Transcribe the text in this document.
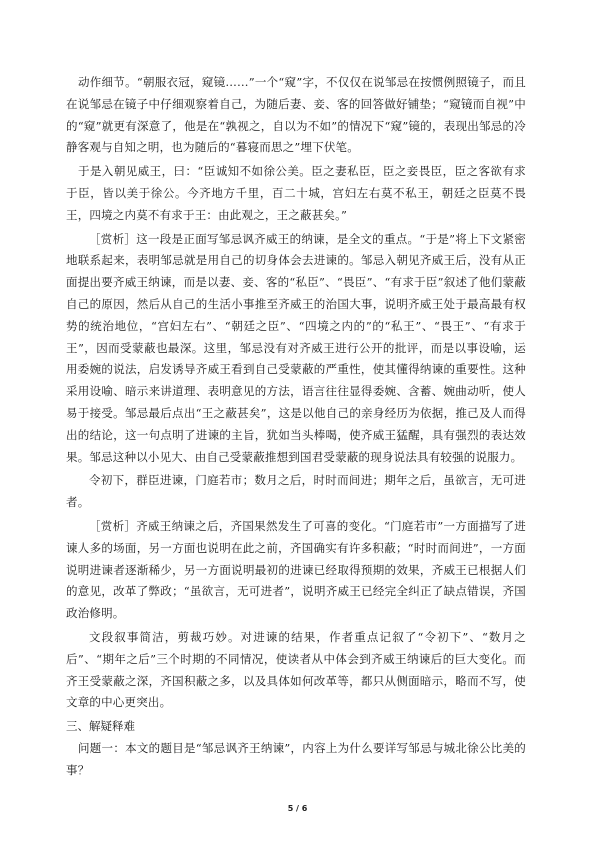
动作细节。“朝服衣冠，窥镜……”一个“窥”字，不仅仅在说邹忌在按惯例照镜子，而且在说邹忌在镜子中仔细观察着自己，为随后妻、妾、客的回答做好铺垫；“窥镜而自视”中的“窥”就更有深意了，他是在“孰视之，自以为不如”的情况下“窥”镜的，表现出邹忌的冷静客观与自知之明，也为随后的“暮寝而思之”埋下伏笔。

于是入朝见威王，曰：“臣诚知不如徐公美。臣之妻私臣，臣之妾畏臣，臣之客欲有求于臣，皆以美于徐公。今齐地方千里，百二十城，宫妇左右莫不私王，朝廷之臣莫不畏王，四境之内莫不有求于王：由此观之，王之蔽甚矣。”

［赏析］这一段是正面写邹忌讽齐威王的纳谏，是全文的重点。“于是”将上下文紧密地联系起来，表明邹忌就是用自己的切身体会去进谏的。邹忌入朝见齐威王后，没有从正面提出要齐威王纳谏，而是以妻、妾、客的“私臣”、“畏臣”、“有求于臣”叙述了他们蒙蔽自己的原因，然后从自己的生活小事推至齐威王的治国大事，说明齐威王处于最高最有权势的统治地位，“宫妇左右”、“朝廷之臣”、“四境之内的”的“私王”、“畏王”、“有求于王”，因而受蒙蔽也最深。这里，邹忌没有对齐威王进行公开的批评，而是以事设喻，运用委婉的说法，启发诱导齐威王看到自己受蒙蔽的严重性，使其懂得纳谏的重要性。这种采用设喻、暗示来讲道理、表明意见的方法，语言往往显得委婉、含蓄、婉曲动听，使人易于接受。邹忌最后点出“王之蔽甚矣”，这是以他自己的亲身经历为依据，推己及人而得出的结论，这一句点明了进谏的主旨，犹如当头棒喝，使齐威王猛醒，具有强烈的表达效果。邹忌这种以小见大、由自己受蒙蔽推想到国君受蒙蔽的现身说法具有较强的说服力。

令初下，群臣进谏，门庭若市；数月之后，时时而间进；期年之后，虽欲言，无可进者。

［赏析］齐威王纳谏之后，齐国果然发生了可喜的变化。“门庭若市”一方面描写了进谏人多的场面，另一方面也说明在此之前，齐国确实有许多积蔽；“时时而间进”，一方面说明进谏者逐渐稀少，另一方面说明最初的进谏已经取得预期的效果，齐威王已根据人们的意见，改革了弊政；“虽欲言，无可进者”，说明齐威王已经完全纠正了缺点错误，齐国政治修明。

文段叙事简洁，剪裁巧妙。对进谏的结果，作者重点记叙了“令初下”、“数月之后”、“期年之后”三个时期的不同情况，使读者从中体会到齐威王纳谏后的巨大变化。而齐王受蒙蔽之深，齐国积蔽之多，以及具体如何改革等，都只从侧面暗示，略而不写，使文章的中心更突出。

三、解疑释难

问题一：本文的题目是“邹忌讽齐王纳谏”，内容上为什么要详写邹忌与城北徐公比美的事？

5 / 6
